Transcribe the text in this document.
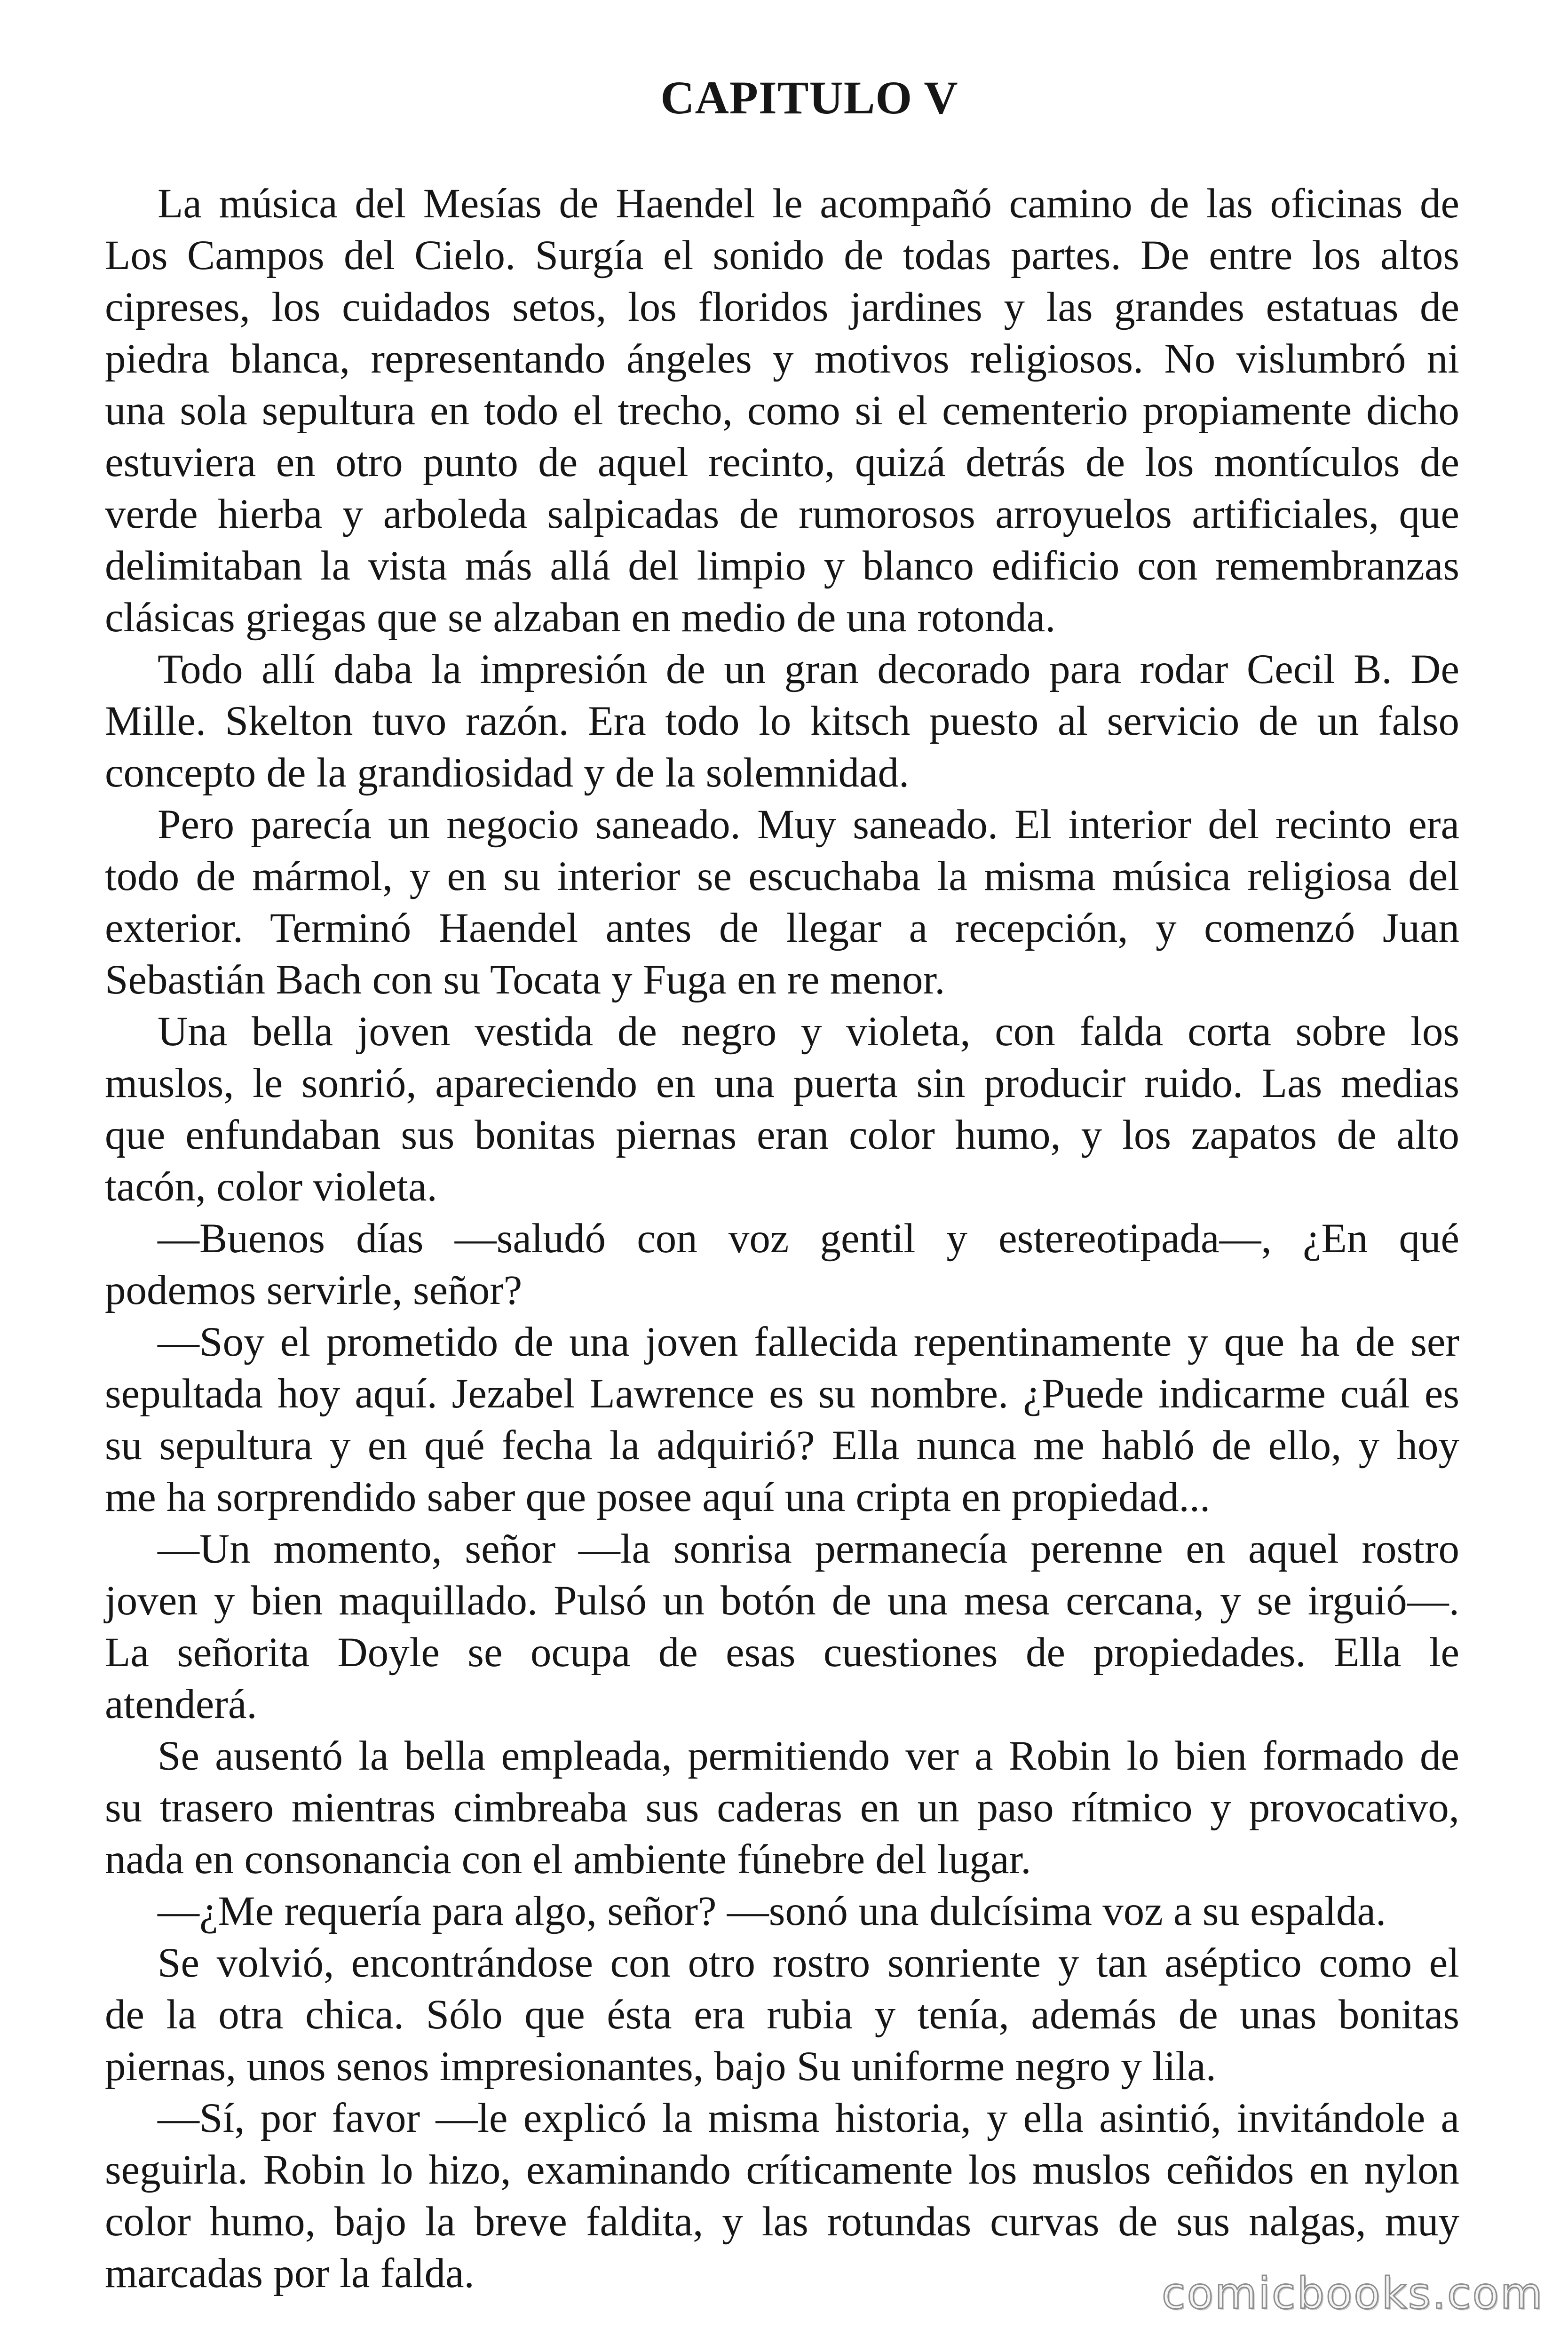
CAPITULO V
La música del Mesías de Haendel le acompañó camino de las oficinas de
Los Campos del Cielo. Surgía el sonido de todas partes. De entre los altos
cipreses, los cuidados setos, los floridos jardines y las grandes estatuas de
piedra blanca, representando ángeles y motivos religiosos. No vislumbró ni
una sola sepultura en todo el trecho, como si el cementerio propiamente dicho
estuviera en otro punto de aquel recinto, quizá detrás de los montículos de
verde hierba y arboleda salpicadas de rumorosos arroyuelos artificiales, que
delimitaban la vista más allá del limpio y blanco edificio con remembranzas
clásicas griegas que se alzaban en medio de una rotonda.
Todo allí daba la impresión de un gran decorado para rodar Cecil B. De
Mille. Skelton tuvo razón. Era todo lo kitsch puesto al servicio de un falso
concepto de la grandiosidad y de la solemnidad.
Pero parecía un negocio saneado. Muy saneado. El interior del recinto era
todo de mármol, y en su interior se escuchaba la misma música religiosa del
exterior. Terminó Haendel antes de llegar a recepción, y comenzó Juan
Sebastián Bach con su Tocata y Fuga en re menor.
Una bella joven vestida de negro y violeta, con falda corta sobre los
muslos, le sonrió, apareciendo en una puerta sin producir ruido. Las medias
que enfundaban sus bonitas piernas eran color humo, y los zapatos de alto
tacón, color violeta.
—Buenos días —saludó con voz gentil y estereotipada—, ¿En qué
podemos servirle, señor?
—Soy el prometido de una joven fallecida repentinamente y que ha de ser
sepultada hoy aquí. Jezabel Lawrence es su nombre. ¿Puede indicarme cuál es
su sepultura y en qué fecha la adquirió? Ella nunca me habló de ello, y hoy
me ha sorprendido saber que posee aquí una cripta en propiedad...
—Un momento, señor —la sonrisa permanecía perenne en aquel rostro
joven y bien maquillado. Pulsó un botón de una mesa cercana, y se irguió—.
La señorita Doyle se ocupa de esas cuestiones de propiedades. Ella le
atenderá.
Se ausentó la bella empleada, permitiendo ver a Robin lo bien formado de
su trasero mientras cimbreaba sus caderas en un paso rítmico y provocativo,
nada en consonancia con el ambiente fúnebre del lugar.
—¿Me requería para algo, señor? —sonó una dulcísima voz a su espalda.
Se volvió, encontrándose con otro rostro sonriente y tan aséptico como el
de la otra chica. Sólo que ésta era rubia y tenía, además de unas bonitas
piernas, unos senos impresionantes, bajo Su uniforme negro y lila.
—Sí, por favor —le explicó la misma historia, y ella asintió, invitándole a
seguirla. Robin lo hizo, examinando críticamente los muslos ceñidos en nylon
color humo, bajo la breve faldita, y las rotundas curvas de sus nalgas, muy
marcadas por la falda.	comicbooks.com
